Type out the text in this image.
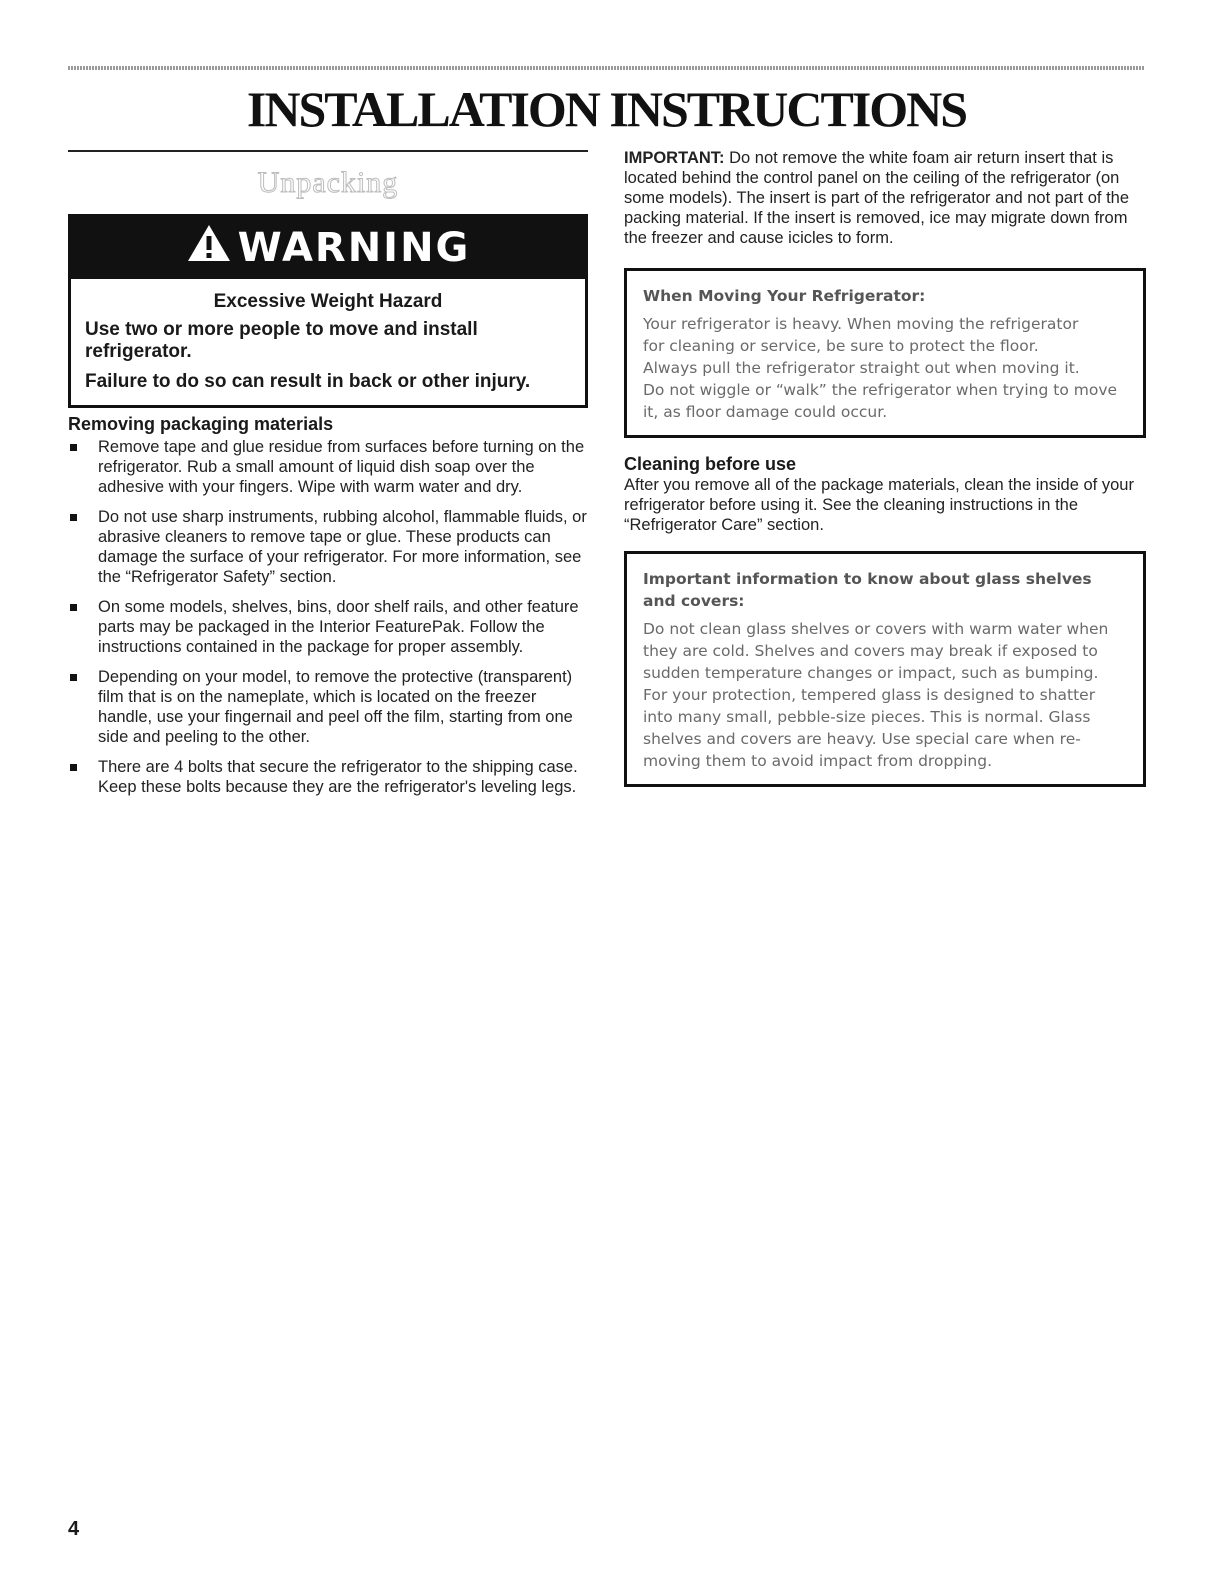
INSTALLATION INSTRUCTIONS
Unpacking
WARNING

Excessive Weight Hazard

Use two or more people to move and install refrigerator.

Failure to do so can result in back or other injury.

Removing packaging materials

Remove tape and glue residue from surfaces before turning on the refrigerator. Rub a small amount of liquid dish soap over the adhesive with your fingers. Wipe with warm water and dry.
Do not use sharp instruments, rubbing alcohol, flammable fluids, or abrasive cleaners to remove tape or glue. These products can damage the surface of your refrigerator. For more information, see the “Refrigerator Safety” section.
On some models, shelves, bins, door shelf rails, and other feature parts may be packaged in the Interior FeaturePak. Follow the instructions contained in the package for proper assembly.
Depending on your model, to remove the protective (transparent) film that is on the nameplate, which is located on the freezer handle, use your fingernail and peel off the film, starting from one side and peeling to the other.
There are 4 bolts that secure the refrigerator to the shipping case. Keep these bolts because they are the refrigerator's leveling legs.

IMPORTANT: Do not remove the white foam air return insert that is located behind the control panel on the ceiling of the refrigerator (on some models). The insert is part of the refrigerator and not part of the packing material. If the insert is removed, ice may migrate down from the freezer and cause icicles to form.

When Moving Your Refrigerator:

Your refrigerator is heavy. When moving the refrigerator

for cleaning or service, be sure to protect the floor.

Always pull the refrigerator straight out when moving it.

Do not wiggle or “walk” the refrigerator when trying to move

it, as floor damage could occur.

Cleaning before use

After you remove all of the package materials, clean the inside of your refrigerator before using it. See the cleaning instructions in the “Refrigerator Care” section.

Important information to know about glass shelves
and covers:

Do not clean glass shelves or covers with warm water when

they are cold. Shelves and covers may break if exposed to

sudden temperature changes or impact, such as bumping.

For your protection, tempered glass is designed to shatter

into many small, pebble-size pieces. This is normal. Glass

shelves and covers are heavy. Use special care when re-

moving them to avoid impact from dropping.

4
